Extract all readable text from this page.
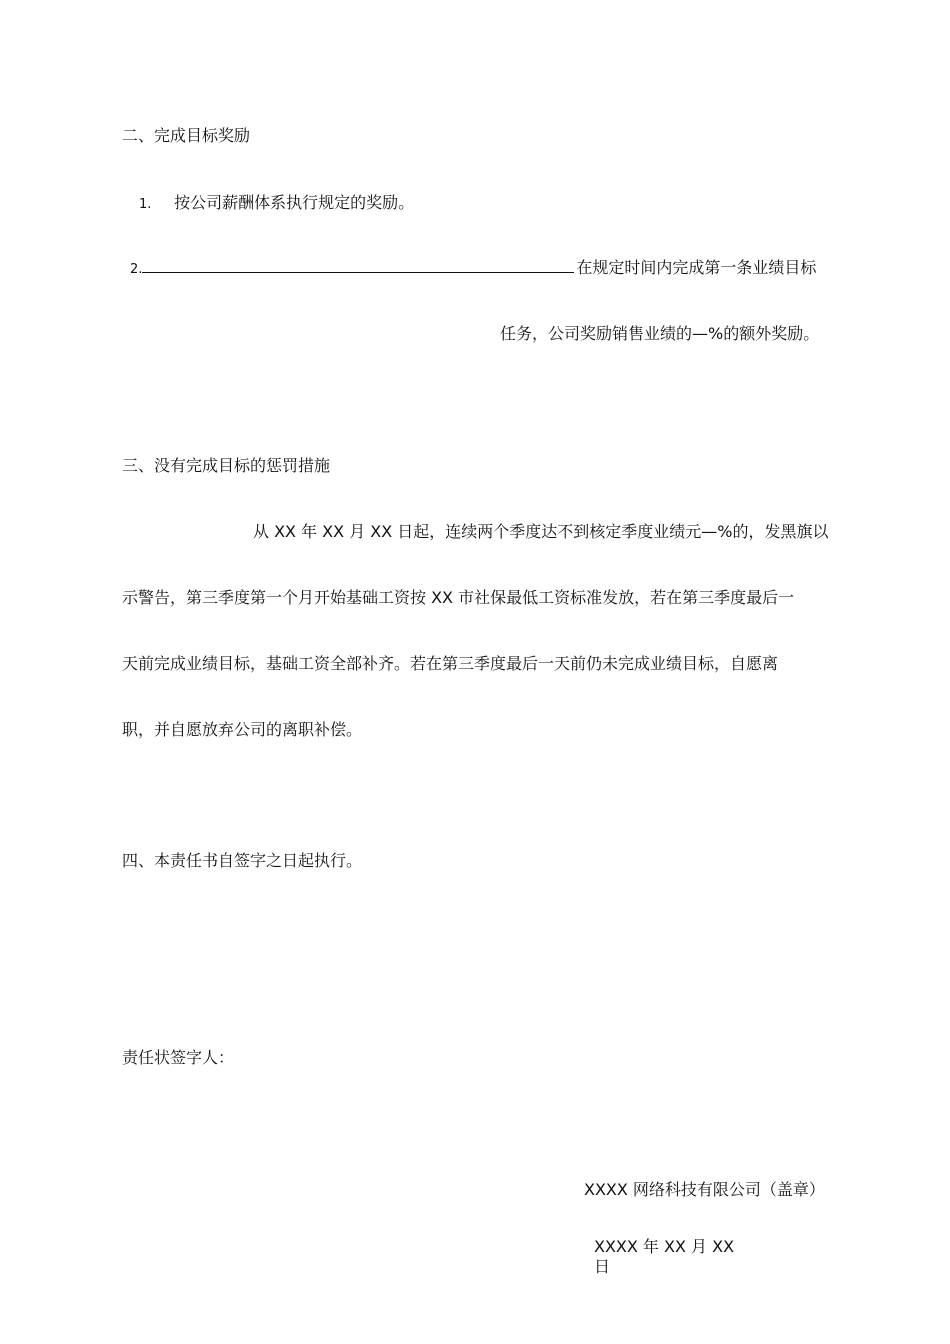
二、完成目标奖励
1. 按公司薪酬体系执行规定的奖励。
2.	在规定时间内完成第一条业绩目标
任务，公司奖励销售业绩的—%的额外奖励。
三、没有完成目标的惩罚措施
从 XX 年 XX 月 XX 日起，连续两个季度达不到核定季度业绩元—%的，发黑旗以
示警告，第三季度第一个月开始基础工资按 XX 市社保最低工资标准发放，若在第三季度最后一
天前完成业绩目标，基础工资全部补齐。若在第三季度最后一天前仍未完成业绩目标，自愿离
职，并自愿放弃公司的离职补偿。
四、本责任书自签字之日起执行。
责任状签字人：
XXXX 网络科技有限公司（盖章）
XXXX 年 XX 月 XX
日
